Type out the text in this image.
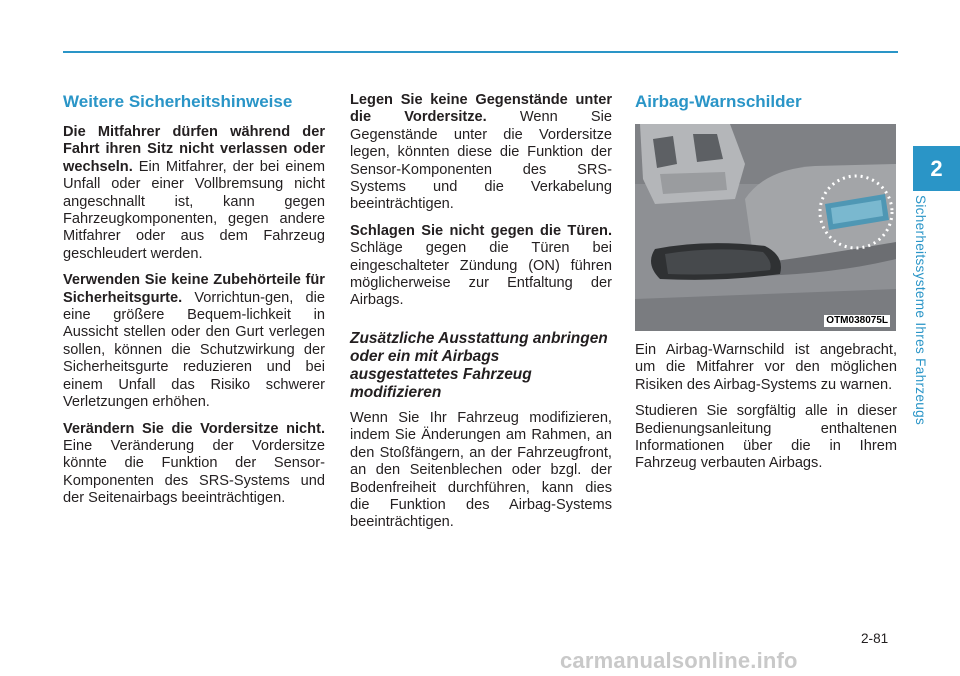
Weitere Sicherheitshinweise

Die Mitfahrer dürfen während der Fahrt ihren Sitz nicht verlassen oder wechseln. Ein Mitfahrer, der bei einem Unfall oder einer Vollbremsung nicht angeschnallt ist, kann gegen Fahrzeugkomponenten, gegen andere Mitfahrer oder aus dem Fahrzeug geschleudert werden.

Verwenden Sie keine Zubehörteile für Sicherheitsgurte. Vorrichtun-gen, die eine größere Bequem-lichkeit in Aussicht stellen oder den Gurt verlegen sollen, können die Schutzwirkung der Sicherheitsgurte reduzieren und bei einem Unfall das Risiko schwerer Verletzungen erhöhen.

Verändern Sie die Vordersitze nicht. Eine Veränderung der Vordersitze könnte die Funktion der Sensor- Komponenten des SRS-Systems und der Seitenairbags beeinträchtigen.

Legen Sie keine Gegenstände unter die Vordersitze. Wenn Sie Gegenstände unter die Vordersitze legen, könnten diese die Funktion der Sensor-Komponenten des SRS-Systems und die Verkabelung beeinträchtigen.

Schlagen Sie nicht gegen die Türen. Schläge gegen die Türen bei eingeschalteter Zündung (ON) führen möglicherweise zur Entfaltung der Airbags.

Zusätzliche Ausstattung anbringen oder ein mit Airbags ausgestattetes Fahrzeug modifizieren

Wenn Sie Ihr Fahrzeug modifizieren, indem Sie Änderungen am Rahmen, an den Stoßfängern, an der Fahrzeugfront, an den Seitenblechen oder bzgl. der Bodenfreiheit durchführen, kann dies die Funktion des Airbag-Systems beeinträchtigen.

Airbag-Warnschilder
OTM038075L

Ein Airbag-Warnschild ist angebracht, um die Mitfahrer vor den möglichen Risiken des Airbag-Systems zu warnen.

Studieren Sie sorgfältig alle in dieser Bedienungsanleitung enthaltenen Informationen über die in Ihrem Fahrzeug verbauten Airbags.

2
Sicherheitssysteme Ihres Fahrzeugs
2-81
carmanualsonline.info
